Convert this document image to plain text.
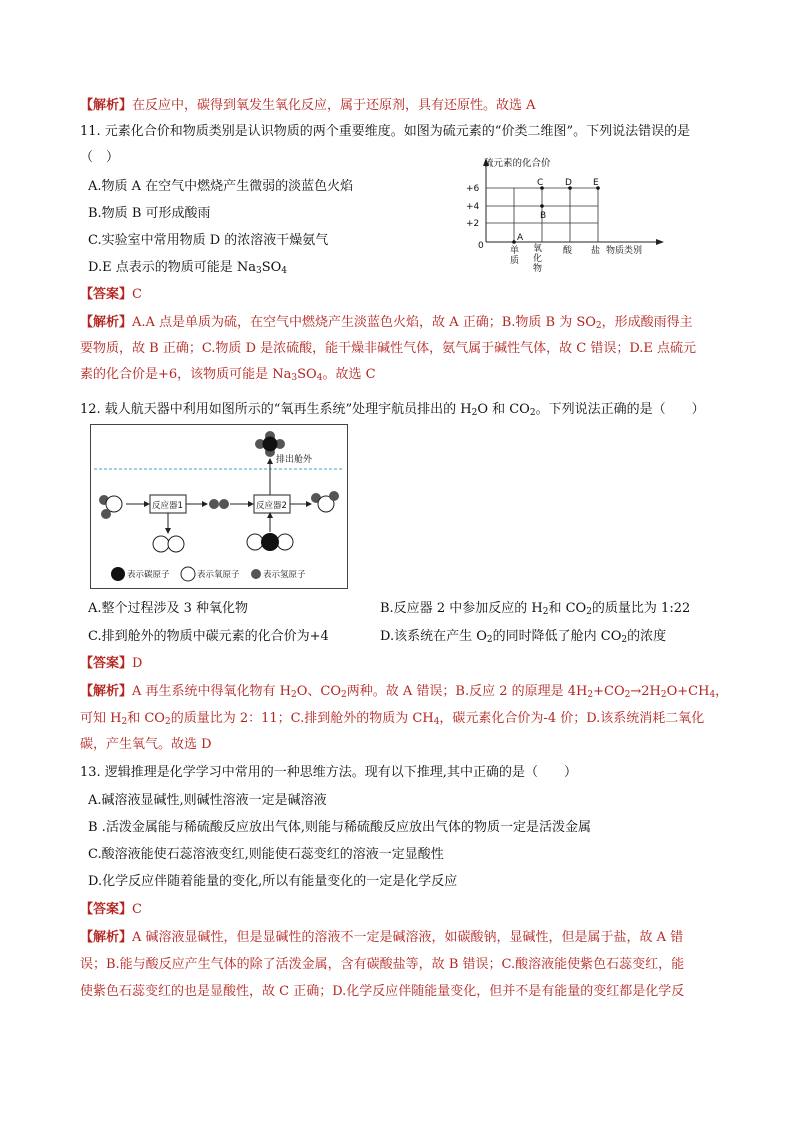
【解析】在反应中，碳得到氧发生氧化反应，属于还原剂，具有还原性。故选 A
11. 元素化合价和物质类别是认识物质的两个重要维度。如图为硫元素的“价类二维图”。下列说法错误的是
（　）
A.物质 A 在空气中燃烧产生微弱的淡蓝色火焰
B.物质 B 可形成酸雨
C.实验室中常用物质 D 的浓溶液干燥氨气
D.E 点表示的物质可能是 $Na_3SO_4$
【答案】C
【解析】A.A 点是单质为硫，在空气中燃烧产生淡蓝色火焰，故 A 正确；B.物质 B 为 $SO_2$，形成酸雨得主
要物质，故 B 正确；C.物质 D 是浓硫酸，能干燥非碱性气体，氨气属于碱性气体，故 C 错误；D.E 点硫元
素的化合价是+6，该物质可能是 $Na_3SO_4$。故选 C
硫元素的化合价
+6
+4
+2
0	单质
酸 盐 物质类别
A
B
C D E
氧化物
12. 载人航天器中利用如图所示的“氧再生系统”处理宇航员排出的 $H_2O$ 和 $CO_2$。下列说法正确的是（　　）
排出舱外
反应器1	反应器2
表示碳原子	表示氧原子	表示氢原子
A.整个过程涉及 3 种氧化物	B.反应器 2 中参加反应的 $H_2$和 $CO_2$的质量比为 1:22
C.排到舱外的物质中碳元素的化合价为+4	D.该系统在产生 $O_2$的同时降低了舱内 $CO_2$的浓度
【答案】D
【解析】A 再生系统中得氧化物有 $H_2O$、$CO_2$两种。故 A 错误；B.反应 2 的原理是 $4H_2+CO_2\to 2H_2O+CH_4$，
可知 $H_2$和 $CO_2$的质量比为 2：11；C.排到舱外的物质为 $CH_4$，碳元素化合价为-4 价；D.该系统消耗二氧化
碳，产生氧气。故选 D
13. 逻辑推理是化学学习中常用的一种思维方法。现有以下推理,其中正确的是（　　）
A.碱溶液显碱性,则碱性溶液一定是碱溶液
B .活泼金属能与稀硫酸反应放出气体,则能与稀硫酸反应放出气体的物质一定是活泼金属
C.酸溶液能使石蕊溶液变红,则能使石蕊变红的溶液一定显酸性
D.化学反应伴随着能量的变化,所以有能量变化的一定是化学反应
【答案】C
【解析】A 碱溶液显碱性，但是显碱性的溶液不一定是碱溶液，如碳酸钠，显碱性，但是属于盐，故 A 错
误；B.能与酸反应产生气体的除了活泼金属，含有碳酸盐等，故 B 错误；C.酸溶液能使紫色石蕊变红，能
使紫色石蕊变红的也是显酸性，故 C 正确；D.化学反应伴随能量变化，但并不是有能量的变红都是化学反
